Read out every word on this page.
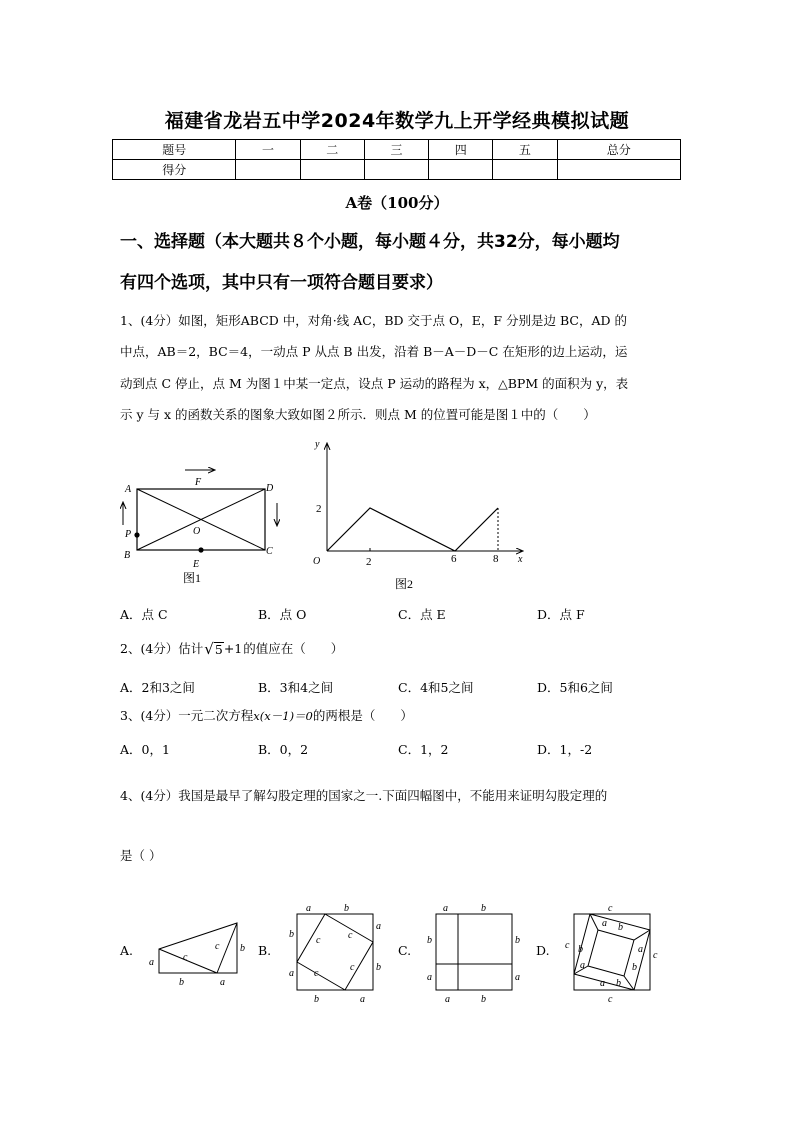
福建省龙岩五中学2024年数学九上开学经典模拟试题
题号	一	二	三	四	五	总分
得分						
A卷（100分）
一、选择题（本大题共８个小题，每小题４分，共32分，每小题均
有四个选项，其中只有一项符合题目要求）
1、(4分）如图，矩形ABCD 中，对角·线 AC，BD 交于点 O，E，F 分别是边 BC，AD 的
中点，AB＝2，BC＝4，一动点 P 从点 B 出发，沿着 B－A－D－C 在矩形的边上运动，运
动到点 C 停止，点 M 为图１中某一定点，设点 P 运动的路程为 x，△BPM 的面积为 y，表
示 y 与 x 的函数关系的图象大致如图２所示．则点 M 的位置可能是图１中的（　　）
A
B	C
D
F
O
E
P
图1
y
x
O
2
2	6	8
图2
A．点 C	B．点 O	C．点 E	D．点 F
2、(4分）估计 √ 5 +1 的值应在（　　）
A．2和3之间	B．3和4之间	C．4和5之间	D．5和6之间
3、(4分）一元二次方程x(x－1)＝0的两根是（　　）
A．0，1	B．0，2	C．1，2	D．1，-2
4、(4分）我国是最早了解勾股定理的国家之一.下面四幅图中，不能用来证明勾股定理的
是（ ）
A.	B.	C.	D.
a
b
c
c b
a
a	b
b
a
a
b
b	a
c	c
c
c
a	b
b
a
b
a
a	b
c
c
c
c
a b
a
b
b
a
a b
